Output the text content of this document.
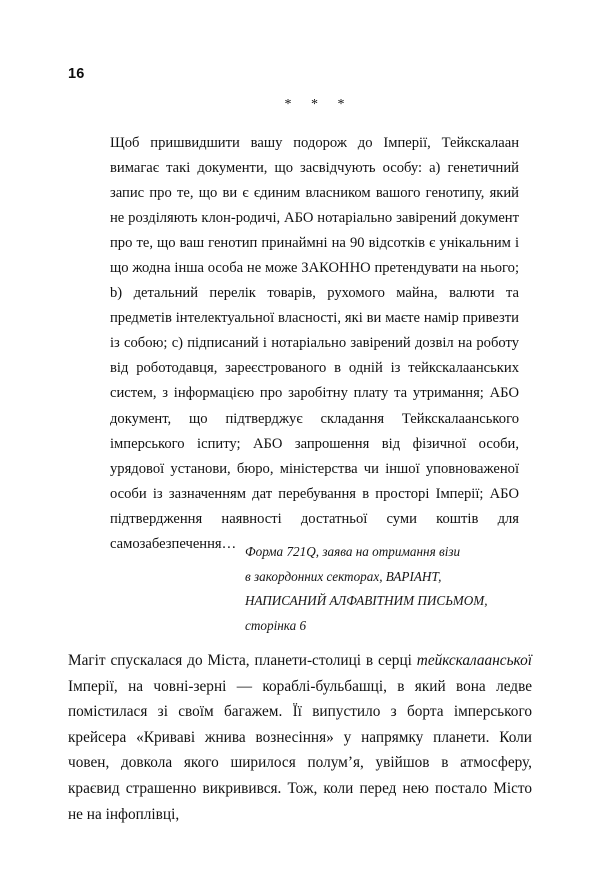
16
* * *

Щоб пришвидшити вашу подорож до Імперії, Тейкскалаан вимагає такі документи, що засвідчують особу: a) генетичний запис про те, що ви є єдиним власником вашого генотипу, який не розділяють клон-родичі, АБО нотаріально завірений документ про те, що ваш генотип принаймні на 90 відсотків є унікальним і що жодна інша особа не може ЗАКОННО претендувати на нього; b) детальний перелік товарів, рухомого майна, валюти та предметів інтелектуальної власності, які ви маєте намір привезти із собою; c) підписаний і нотаріально завірений дозвіл на роботу від роботодавця, зареєстрованого в одній із тейкскалаанських систем, з інформацією про заробітну плату та утримання; АБО документ, що підтверджує складання Тейкскалаанського імперського іспиту; АБО запрошення від фізичної особи, урядової установи, бюро, міністерства чи іншої уповноваженої особи із зазначенням дат перебування в просторі Імперії; АБО підтвердження наявності достатньої суми коштів для самозабезпечення… Форма 721Q, заява на отримання візи
в закордонних секторах, ВАРІАНТ,
НАПИСАНИЙ АЛФАВІТНИМ ПИСЬМОМ,
сторінка 6

Магіт спускалася до Міста, планети-столиці в серці тейкскалаанської Імперії, на човні-зерні — кораблі-бульбашці, в який вона ледве помістилася зі своїм багажем. Її випустило з борта імперського крейсера «Криваві жнива вознесіння» у напрямку планети. Коли човен, довкола якого ширилося полум’я, увійшов в атмосферу, краєвид страшенно викривився. Тож, коли перед нею постало Місто не на інфоплівці,
